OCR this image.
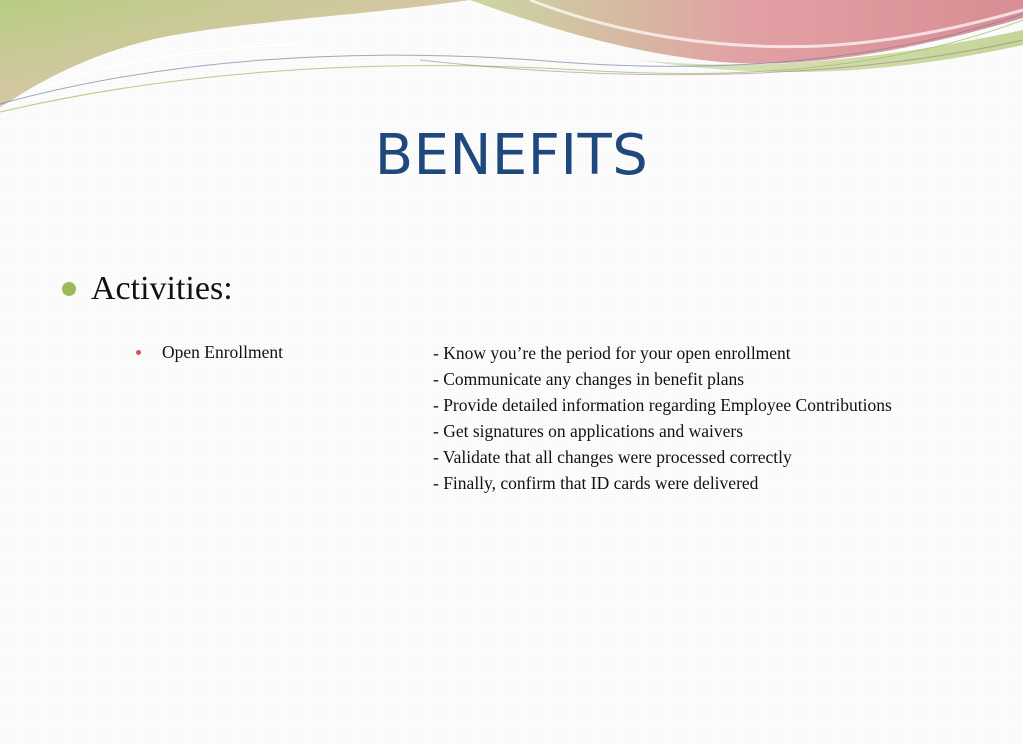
BENEFITS
Activities:
Open Enrollment	- Know you’re the period for your open enrollment
- Communicate any changes in benefit plans
- Provide detailed information regarding Employee Contributions
- Get signatures on applications and waivers
- Validate that all changes were processed correctly
- Finally, confirm that ID cards were delivered
